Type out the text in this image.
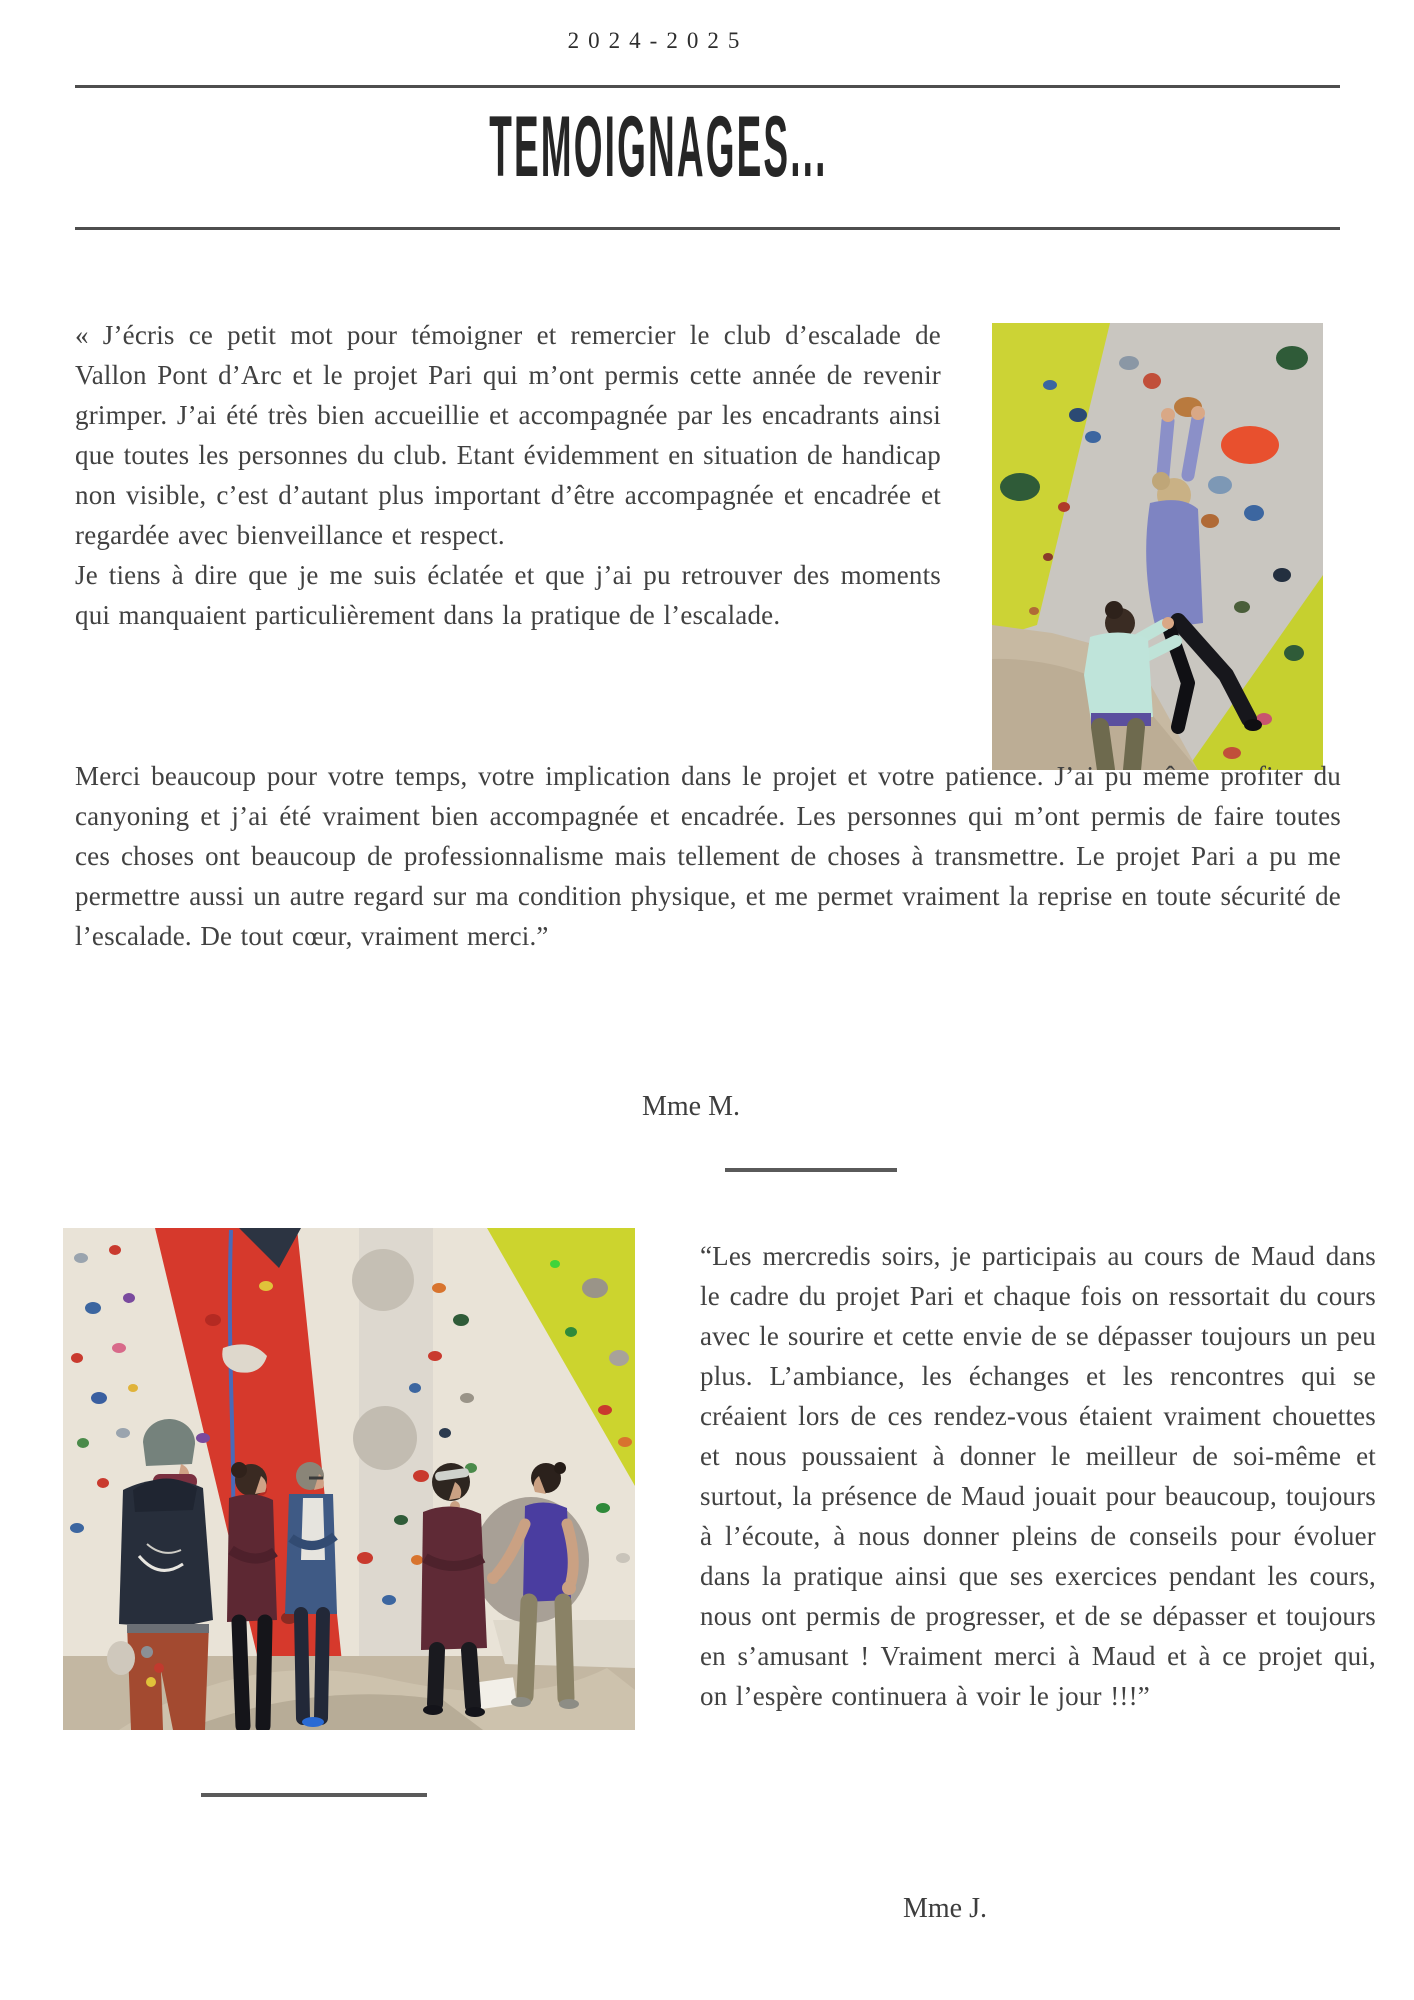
2024-2025
TEMOIGNAGES...

« J’écris ce petit mot pour témoigner et remercier le club d’escalade de Vallon Pont d’Arc et le projet Pari qui m’ont permis cette année de revenir grimper. J’ai été très bien accueillie et accompagnée par les encadrants ainsi que toutes les personnes du club. Etant évidemment en situation de handicap non visible, c’est d’autant plus important d’être accompagnée et encadrée et regardée avec bienveillance et respect.

Je tiens à dire que je me suis éclatée et que j’ai pu retrouver des moments qui manquaient particulièrement dans la pratique de l’escalade.

Merci beaucoup pour votre temps, votre implication dans le projet et votre patience. J’ai pu même profiter du canyoning et j’ai été vraiment bien accompagnée et encadrée. Les personnes qui m’ont permis de faire toutes ces choses ont beaucoup de professionnalisme mais tellement de choses à transmettre. Le projet Pari a pu me permettre aussi un autre regard sur ma condition physique, et me permet vraiment la reprise en toute sécurité de l’escalade. De tout cœur, vraiment merci.”

Mme M.

“Les mercredis soirs, je participais au cours de Maud dans le cadre du projet Pari et chaque fois on ressortait du cours avec le sourire et cette envie de se dépasser toujours un peu plus. L’ambiance, les échanges et les rencontres qui se créaient lors de ces rendez-vous étaient vraiment chouettes et nous poussaient à donner le meilleur de soi-même et surtout, la présence de Maud jouait pour beaucoup, toujours à l’écoute, à nous donner pleins de conseils pour évoluer dans la pratique ainsi que ses exercices pendant les cours, nous ont permis de progresser, et de se dépasser et toujours en s’amusant ! Vraiment merci à Maud et à ce projet qui, on l’espère continuera à voir le jour !!!”

Mme J.
